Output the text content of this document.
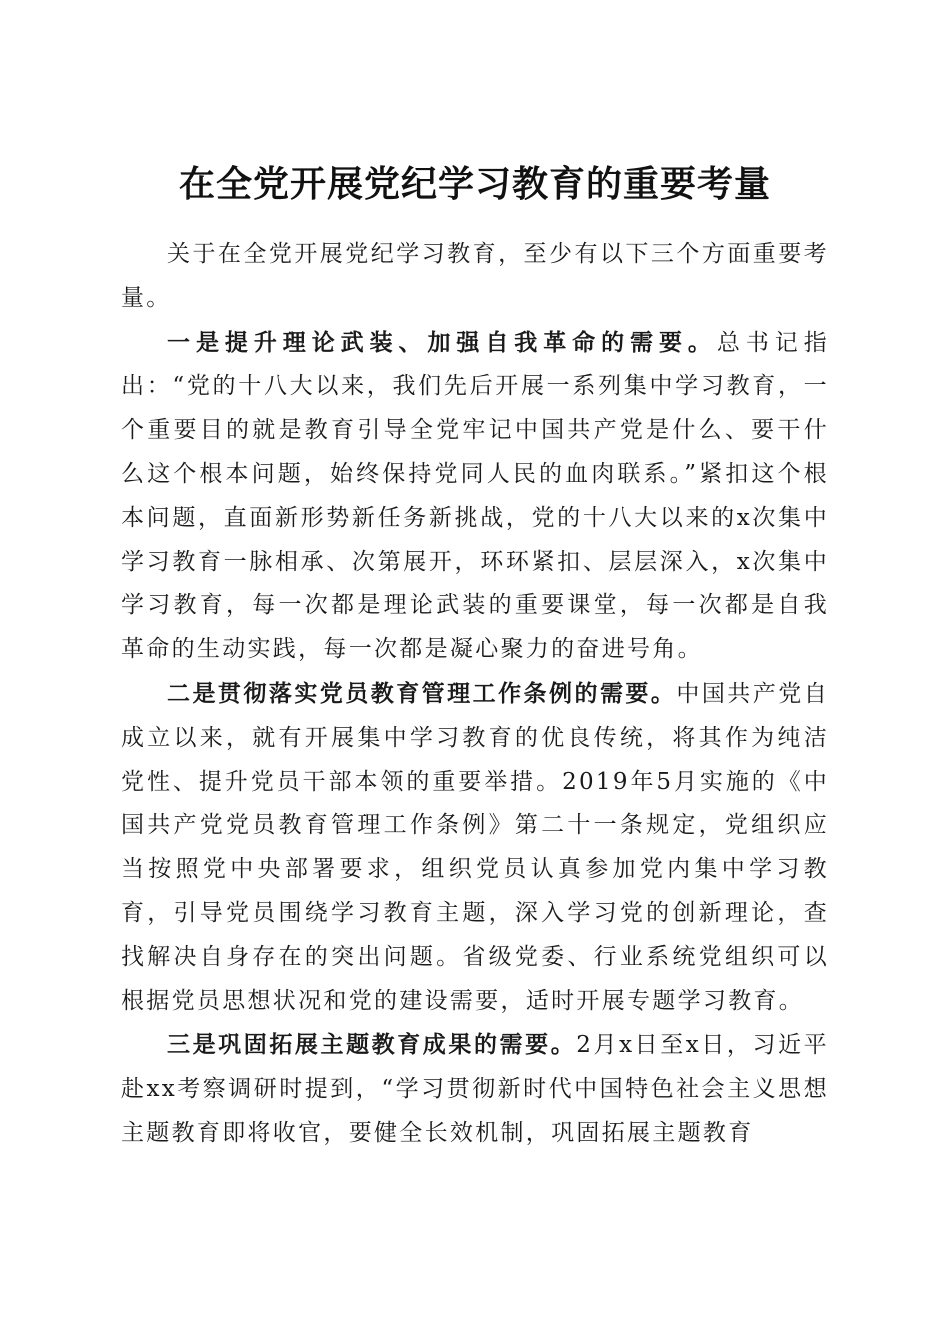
在全党开展党纪学习教育的重要考量

关于在全党开展党纪学习教育，至少有以下三个方面重要考量。

一是提升理论武装、加强自我革命的需要。总书记指出：“党的十八大以来，我们先后开展一系列集中学习教育，一个重要目的就是教育引导全党牢记中国共产党是什么、要干什么这个根本问题，始终保持党同人民的血肉联系。”紧扣这个根本问题，直面新形势新任务新挑战，党的十八大以来的x次集中学习教育一脉相承、次第展开，环环紧扣、层层深入，x次集中学习教育，每一次都是理论武装的重要课堂，每一次都是自我革命的生动实践，每一次都是凝心聚力的奋进号角。

二是贯彻落实党员教育管理工作条例的需要。中国共产党自成立以来，就有开展集中学习教育的优良传统，将其作为纯洁党性、提升党员干部本领的重要举措。2019年5月实施的《中国共产党党员教育管理工作条例》第二十一条规定，党组织应当按照党中央部署要求，组织党员认真参加党内集中学习教育，引导党员围绕学习教育主题，深入学习党的创新理论，查找解决自身存在的突出问题。省级党委、行业系统党组织可以根据党员思想状况和党的建设需要，适时开展专题学习教育。

三是巩固拓展主题教育成果的需要。2月x日至x日，习近平赴xx考察调研时提到，“学习贯彻新时代中国特色社会主义思想主题教育即将收官，要健全长效机制，巩固拓展主题教育
